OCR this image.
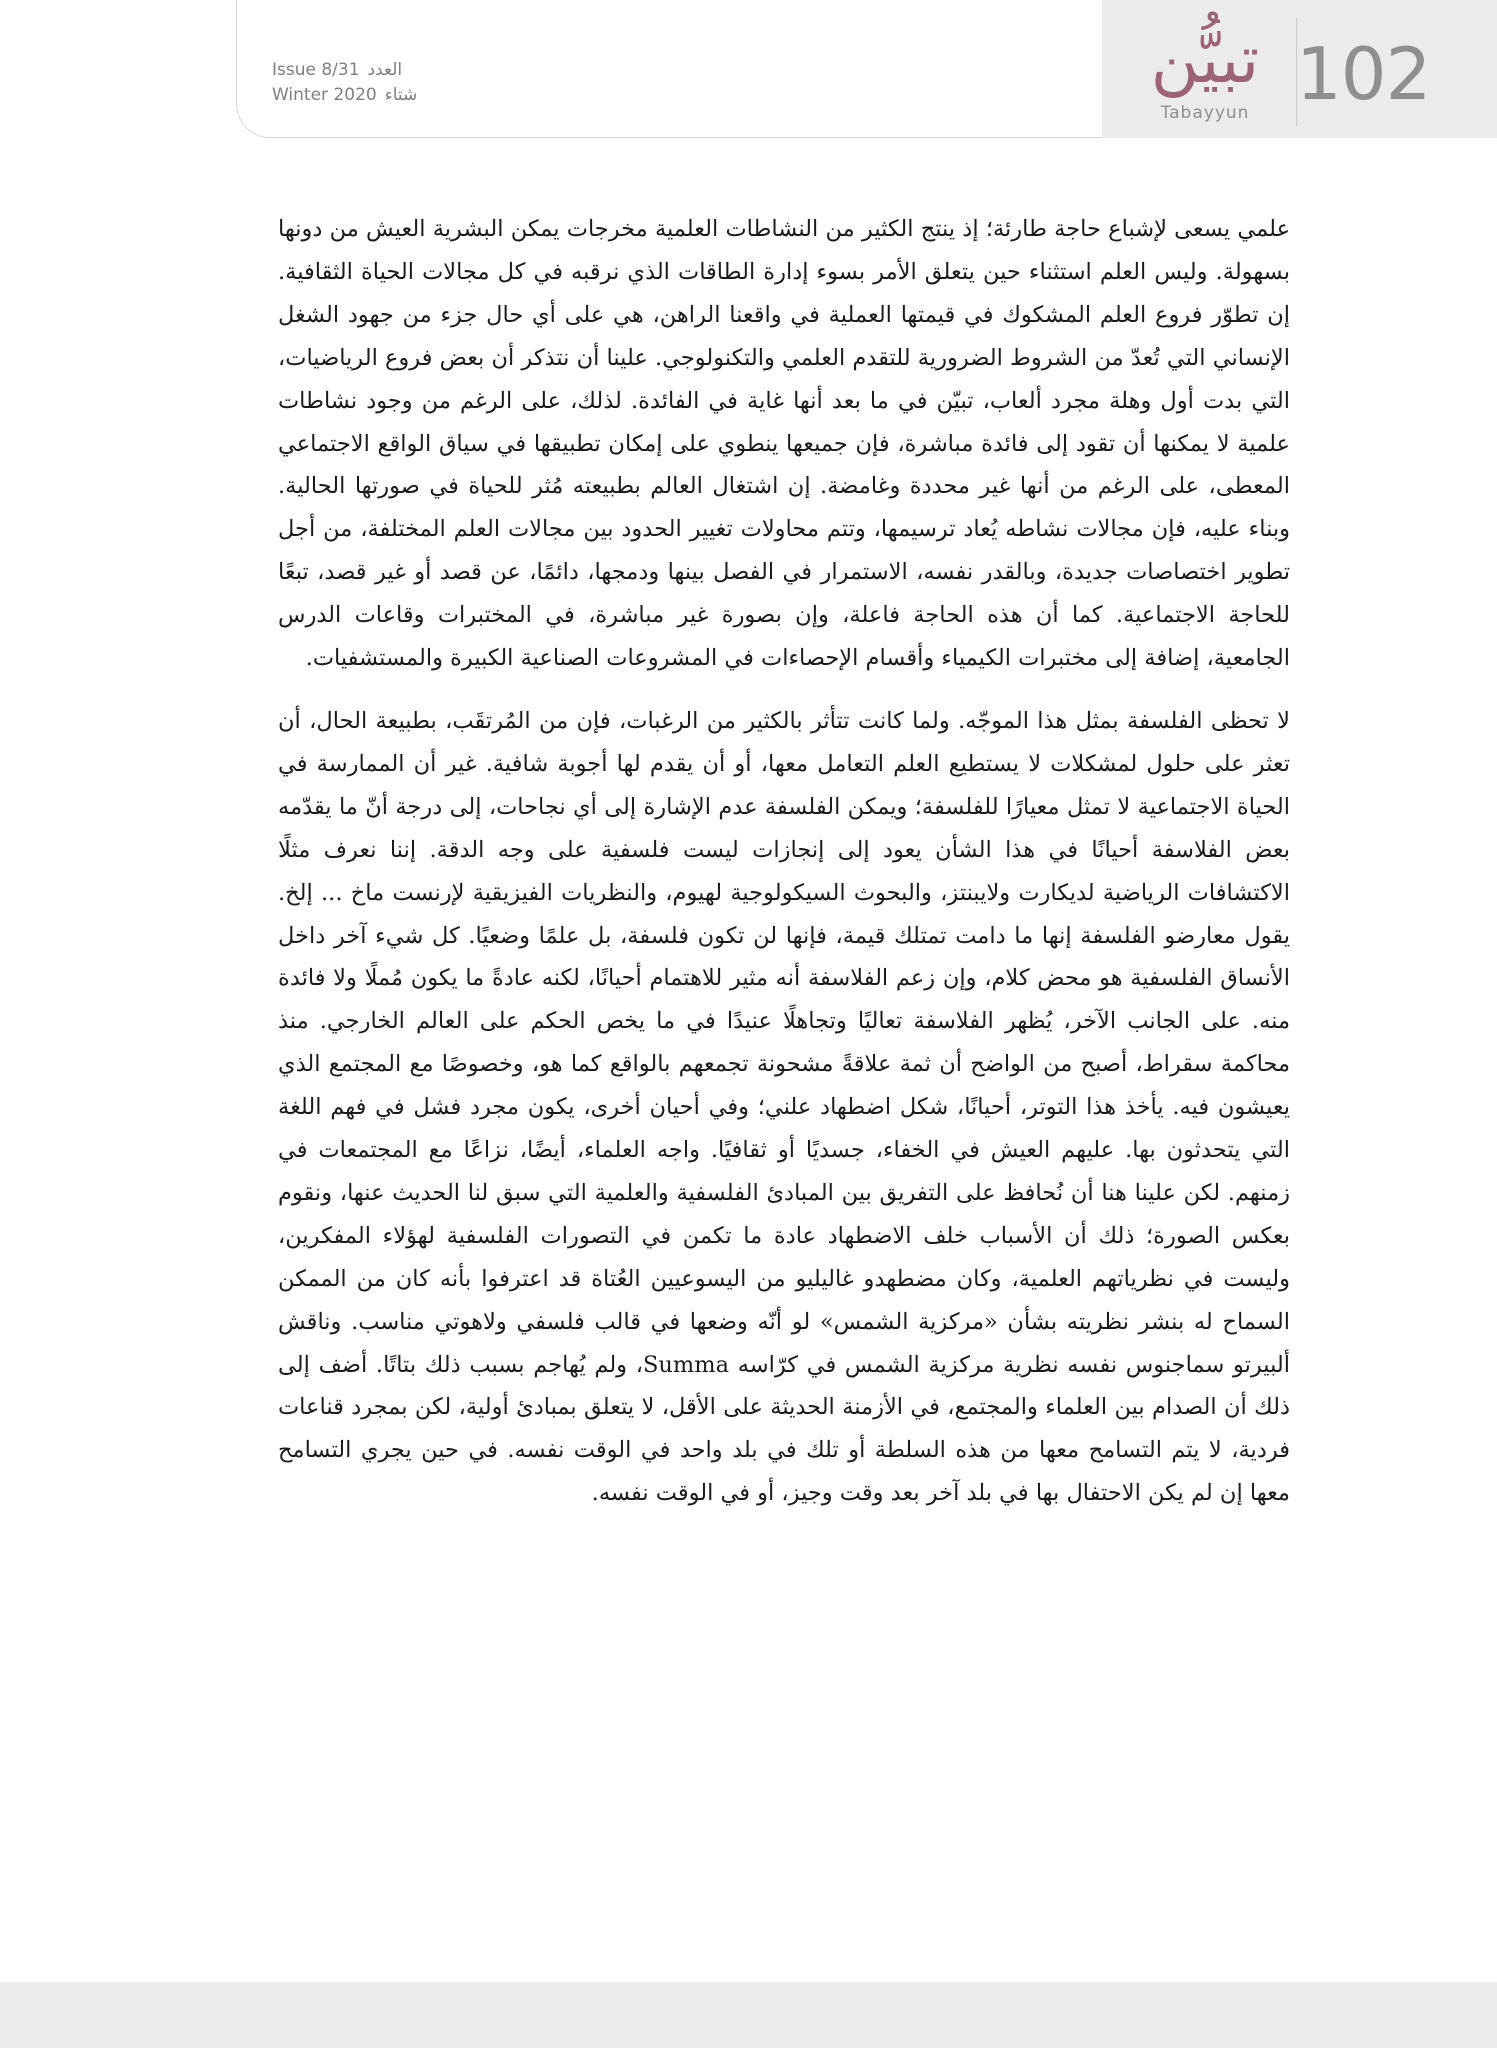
تبيُّن
Tabayyun 102
Issue 8/31 العدد
Winter 2020 شتاء

علمي يسعى لإشباع حاجة طارئة؛ إذ ينتج الكثير من النشاطات العلمية مخرجات يمكن البشرية العيش من دونها بسهولة. وليس العلم استثناء حين يتعلق الأمر بسوء إدارة الطاقات الذي نرقبه في كل مجالات الحياة الثقافية. إن تطوّر فروع العلم المشكوك في قيمتها العملية في واقعنا الراهن، هي على أي حال جزء من جهود الشغل الإنساني التي تُعدّ من الشروط الضرورية للتقدم العلمي والتكنولوجي. علينا أن نتذكر أن بعض فروع الرياضيات، التي بدت أول وهلة مجرد ألعاب، تبيّن في ما بعد أنها غاية في الفائدة. لذلك، على الرغم من وجود نشاطات علمية لا يمكنها أن تقود إلى فائدة مباشرة، فإن جميعها ينطوي على إمكان تطبيقها في سياق الواقع الاجتماعي المعطى، على الرغم من أنها غير محددة وغامضة. إن اشتغال العالم بطبيعته مُثر للحياة في صورتها الحالية. وبناء عليه، فإن مجالات نشاطه يُعاد ترسيمها، وتتم محاولات تغيير الحدود بين مجالات العلم المختلفة، من أجل تطوير اختصاصات جديدة، وبالقدر نفسه، الاستمرار في الفصل بينها ودمجها، دائمًا، عن قصد أو غير قصد، تبعًا للحاجة الاجتماعية. كما أن هذه الحاجة فاعلة، وإن بصورة غير مباشرة، في المختبرات وقاعات الدرس الجامعية، إضافة إلى مختبرات الكيمياء وأقسام الإحصاءات في المشروعات الصناعية الكبيرة والمستشفيات.

لا تحظى الفلسفة بمثل هذا الموجّه. ولما كانت تتأثر بالكثير من الرغبات، فإن من المُرتقَب، بطبيعة الحال، أن تعثر على حلول لمشكلات لا يستطيع العلم التعامل معها، أو أن يقدم لها أجوبة شافية. غير أن الممارسة في الحياة الاجتماعية لا تمثل معيارًا للفلسفة؛ ويمكن الفلسفة عدم الإشارة إلى أي نجاحات، إلى درجة أنّ ما يقدّمه بعض الفلاسفة أحيانًا في هذا الشأن يعود إلى إنجازات ليست فلسفية على وجه الدقة. إننا نعرف مثلًا الاكتشافات الرياضية لديكارت ولايبنتز، والبحوث السيكولوجية لهيوم، والنظريات الفيزيقية لإرنست ماخ ... إلخ. يقول معارضو الفلسفة إنها ما دامت تمتلك قيمة، فإنها لن تكون فلسفة، بل علمًا وضعيًا. كل شيء آخر داخل الأنساق الفلسفية هو محض كلام، وإن زعم الفلاسفة أنه مثير للاهتمام أحيانًا، لكنه عادةً ما يكون مُملًا ولا فائدة منه. على الجانب الآخر، يُظهر الفلاسفة تعاليًا وتجاهلًا عنيدًا في ما يخص الحكم على العالم الخارجي. منذ محاكمة سقراط، أصبح من الواضح أن ثمة علاقةً مشحونة تجمعهم بالواقع كما هو، وخصوصًا مع المجتمع الذي يعيشون فيه. يأخذ هذا التوتر، أحيانًا، شكل اضطهاد علني؛ وفي أحيان أخرى، يكون مجرد فشل في فهم اللغة التي يتحدثون بها. عليهم العيش في الخفاء، جسديًا أو ثقافيًا. واجه العلماء، أيضًا، نزاعًا مع المجتمعات في زمنهم. لكن علينا هنا أن نُحافظ على التفريق بين المبادئ الفلسفية والعلمية التي سبق لنا الحديث عنها، ونقوم بعكس الصورة؛ ذلك أن الأسباب خلف الاضطهاد عادة ما تكمن في التصورات الفلسفية لهؤلاء المفكرين، وليست في نظرياتهم العلمية، وكان مضطهدو غاليليو من اليسوعيين العُتاة قد اعترفوا بأنه كان من الممكن السماح له بنشر نظريته بشأن «مركزية الشمس» لو أنّه وضعها في قالب فلسفي ولاهوتي مناسب. وناقش ألبيرتو سماجنوس نفسه نظرية مركزية الشمس في كرّاسه Summa، ولم يُهاجم بسبب ذلك بتاتًا. أضف إلى ذلك أن الصدام بين العلماء والمجتمع، في الأزمنة الحديثة على الأقل، لا يتعلق بمبادئ أولية، لكن بمجرد قناعات فردية، لا يتم التسامح معها من هذه السلطة أو تلك في بلد واحد في الوقت نفسه. في حين يجري التسامح معها إن لم يكن الاحتفال بها في بلد آخر بعد وقت وجيز، أو في الوقت نفسه.
